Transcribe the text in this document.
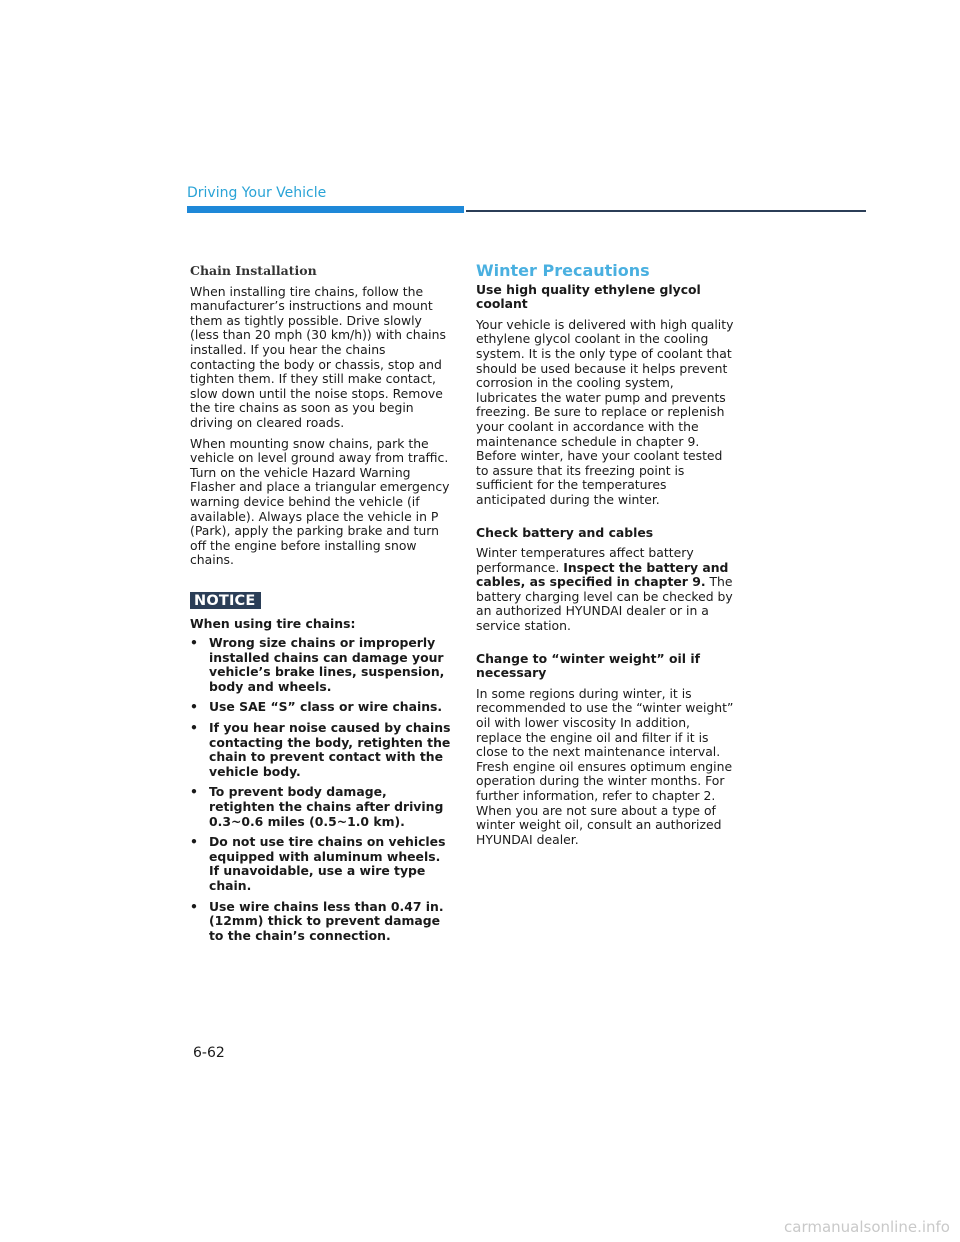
Driving Your Vehicle
Chain Installation

When installing tire chains, follow the manufacturer’s instructions and mount them as tightly possible. Drive slowly (less than 20 mph (30 km/h)) with chains installed. If you hear the chains contacting the body or chassis, stop and tighten them. If they still make contact, slow down until the noise stops. Remove the tire chains as soon as you begin driving on cleared roads.

When mounting snow chains, park the vehicle on level ground away from traffic. Turn on the vehicle Hazard Warning Flasher and place a triangular emergency warning device behind the vehicle (if available). Always place the vehicle in P (Park), apply the parking brake and turn off the engine before installing snow chains.

NOTICE
When using tire chains:
• Wrong size chains or improperly installed chains can damage your vehicle’s brake lines, suspension, body and wheels.
• Use SAE “S” class or wire chains.
• If you hear noise caused by chains contacting the body, retighten the chain to prevent contact with the vehicle body.
• To prevent body damage, retighten the chains after driving 0.3~0.6 miles (0.5~1.0 km).
• Do not use tire chains on vehicles equipped with aluminum wheels. If unavoidable, use a wire type chain.
• Use wire chains less than 0.47 in. (12mm) thick to prevent damage to the chain’s connection.
Winter Precautions
Use high quality ethylene glycol coolant

Your vehicle is delivered with high quality ethylene glycol coolant in the cooling system. It is the only type of coolant that should be used because it helps prevent corrosion in the cooling system, lubricates the water pump and prevents freezing. Be sure to replace or replenish your coolant in accordance with the maintenance schedule in chapter 9. Before winter, have your coolant tested to assure that its freezing point is sufficient for the temperatures anticipated during the winter.

Check battery and cables

Winter temperatures affect battery performance. Inspect the battery and cables, as specified in chapter 9. The battery charging level can be checked by an authorized HYUNDAI dealer or in a service station.

Change to “winter weight” oil if necessary

In some regions during winter, it is recommended to use the “winter weight” oil with lower viscosity In addition, replace the engine oil and filter if it is close to the next maintenance interval. Fresh engine oil ensures optimum engine operation during the winter months. For further information, refer to chapter 2. When you are not sure about a type of winter weight oil, consult an authorized HYUNDAI dealer.

6-62
carmanualsonline.info
